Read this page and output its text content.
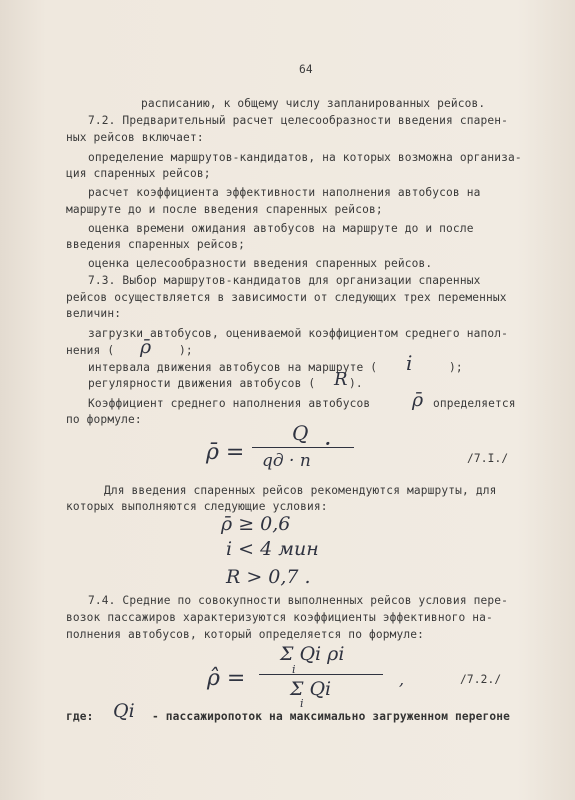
64
расписанию, к общему числу запланированных рейсов.
7.2. Предварительный расчет целесообразности введения спарен-
ных рейсов включает:
определение маршрутов-кандидатов, на которых возможна организа-
ция спаренных рейсов;
расчет коэффициента эффективности наполнения автобусов на
маршруте до и после введения спаренных рейсов;
оценка времени ожидания автобусов на маршруте до и после
введения спаренных рейсов;
оценка целесообразности введения спаренных рейсов.
7.3. Выбор маршрутов-кандидатов для организации спаренных
рейсов осуществляется в зависимости от следующих трех переменных
величин:
загрузки автобусов, оцениваемой коэффициентом среднего напол-
нения ( ρ̄ );
интервала движения автобусов на маршруте ( i	);
регулярности движения автобусов ( R ).
Коэффициент среднего наполнения автобусов ρ̄ определяется
по формуле:
ρ̄ =
Q
qд · n
·
/7.I./
Для введения спаренных рейсов рекомендуются маршруты, для
которых выполняются следующие условия:
ρ̄ ≥ 0,6
i < 4 мин
R > 0,7 .
7.4. Средние по совокупности выполненных рейсов условия пере-
возок пассажиров характеризуются коэффициенты эффективного на-
полнения автобусов, который определяется по формуле:
ρ̂ =
Σ Qi ρi
i
Σ Qi
i
,	/7.2./
где: Qi - пассажиропоток на максимально загруженном перегоне
